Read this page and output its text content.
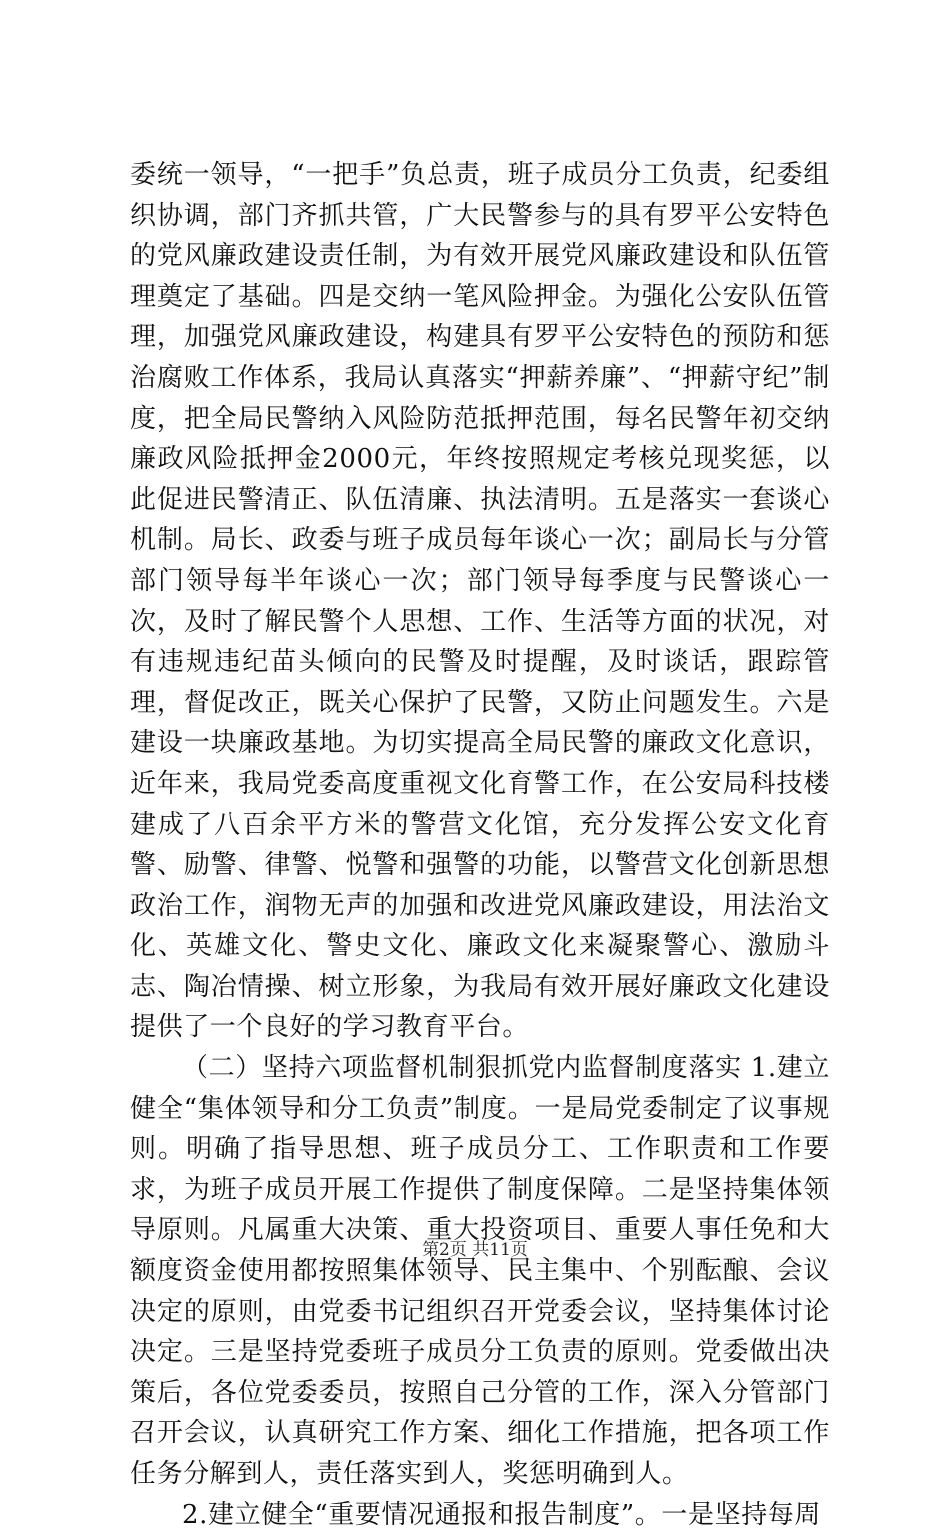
委统一领导，“一把手”负总责，班子成员分工负责，纪委组织协调，部门齐抓共管，广大民警参与的具有罗平公安特色的党风廉政建设责任制，为有效开展党风廉政建设和队伍管理奠定了基础。四是交纳一笔风险押金。为强化公安队伍管理，加强党风廉政建设，构建具有罗平公安特色的预防和惩治腐败工作体系，我局认真落实“押薪养廉”、“押薪守纪”制度，把全局民警纳入风险防范抵押范围，每名民警年初交纳廉政风险抵押金2000元，年终按照规定考核兑现奖惩，以此促进民警清正、队伍清廉、执法清明。五是落实一套谈心机制。局长、政委与班子成员每年谈心一次；副局长与分管部门领导每半年谈心一次；部门领导每季度与民警谈心一次，及时了解民警个人思想、工作、生活等方面的状况，对有违规违纪苗头倾向的民警及时提醒，及时谈话，跟踪管理，督促改正，既关心保护了民警，又防止问题发生。六是建设一块廉政基地。为切实提高全局民警的廉政文化意识，近年来，我局党委高度重视文化育警工作，在公安局科技楼建成了八百余平方米的警营文化馆，充分发挥公安文化育警、励警、律警、悦警和强警的功能，以警营文化创新思想政治工作，润物无声的加强和改进党风廉政建设，用法治文化、英雄文化、警史文化、廉政文化来凝聚警心、激励斗志、陶冶情操、树立形象，为我局有效开展好廉政文化建设提供了一个良好的学习教育平台。

（二）坚持六项监督机制狠抓党内监督制度落实 1.建立健全“集体领导和分工负责”制度。一是局党委制定了议事规则。明确了指导思想、班子成员分工、工作职责和工作要求，为班子成员开展工作提供了制度保障。二是坚持集体领导原则。凡属重大决策、重大投资项目、重要人事任免和大额度资金使用都按照集体领导、民主集中、个别酝酿、会议决定的原则，由党委书记组织召开党委会议，坚持集体讨论决定。三是坚持党委班子成员分工负责的原则。党委做出决策后，各位党委委员，按照自己分管的工作，深入分管部门召开会议，认真研究工作方案、细化工作措施，把各项工作任务分解到人，责任落实到人，奖惩明确到人。

2.建立健全“重要情况通报和报告制度”。一是坚持每周

第2页 共11页
